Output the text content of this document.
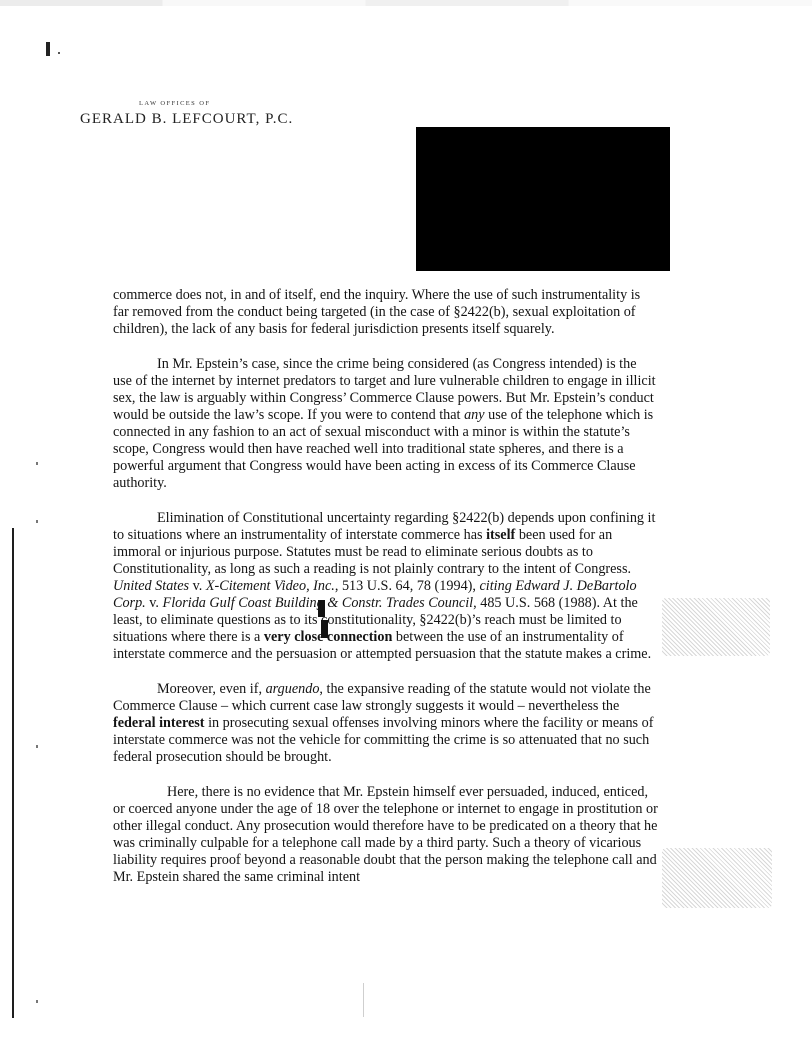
LAW OFFICES OF
GERALD B. LEFCOURT, P.C.

commerce does not, in and of itself, end the inquiry. Where the use of such instrumentality is far removed from the conduct being targeted (in the case of §2422(b), sexual exploitation of children), the lack of any basis for federal jurisdiction presents itself squarely.

In Mr. Epstein’s case, since the crime being considered (as Congress intended) is the use of the internet by internet predators to target and lure vulnerable children to engage in illicit sex, the law is arguably within Congress’ Commerce Clause powers. But Mr. Epstein’s conduct would be outside the law’s scope. If you were to contend that any use of the telephone which is connected in any fashion to an act of sexual misconduct with a minor is within the statute’s scope, Congress would then have reached well into traditional state spheres, and there is a powerful argument that Congress would have been acting in excess of its Commerce Clause authority.

Elimination of Constitutional uncertainty regarding §2422(b) depends upon confining it to situations where an instrumentality of interstate commerce has itself been used for an immoral or injurious purpose. Statutes must be read to eliminate serious doubts as to Constitutionality, as long as such a reading is not plainly contrary to the intent of Congress. United States v. X-Citement Video, Inc., 513 U.S. 64, 78 (1994), citing Edward J. DeBartolo Corp. v. Florida Gulf Coast Building & Constr. Trades Council, 485 U.S. 568 (1988). At the least, to eliminate questions as to its constitutionality, §2422(b)’s reach must be limited to situations where there is a very close connection between the use of an instrumentality of interstate commerce and the persuasion or attempted persuasion that the statute makes a crime.

Moreover, even if, arguendo, the expansive reading of the statute would not violate the Commerce Clause – which current case law strongly suggests it would – nevertheless the federal interest in prosecuting sexual offenses involving minors where the facility or means of interstate commerce was not the vehicle for committing the crime is so attenuated that no such federal prosecution should be brought.

Here, there is no evidence that Mr. Epstein himself ever persuaded, induced, enticed, or coerced anyone under the age of 18 over the telephone or internet to engage in prostitution or other illegal conduct. Any prosecution would therefore have to be predicated on a theory that he was criminally culpable for a telephone call made by a third party. Such a theory of vicarious liability requires proof beyond a reasonable doubt that the person making the telephone call and Mr. Epstein shared the same criminal intent
